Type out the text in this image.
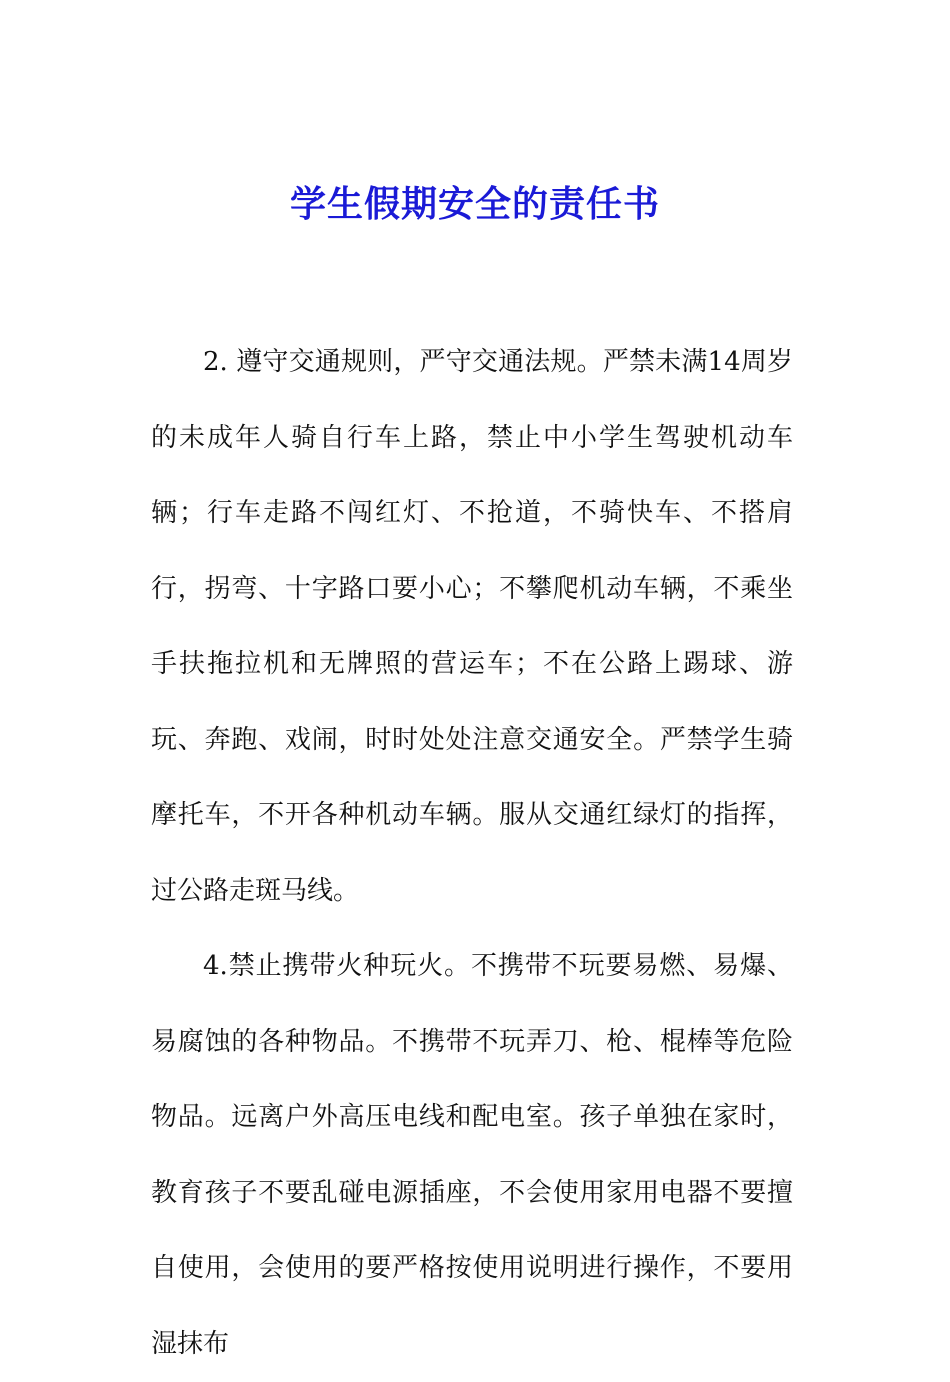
学生假期安全的责任书

2. 遵守交通规则，严守交通法规。严禁未满14周岁的未成年人骑自行车上路，禁止中小学生驾驶机动车辆；行车走路不闯红灯、不抢道，不骑快车、不搭肩行，拐弯、十字路口要小心；不攀爬机动车辆，不乘坐手扶拖拉机和无牌照的营运车；不在公路上踢球、游玩、奔跑、戏闹，时时处处注意交通安全。严禁学生骑摩托车，不开各种机动车辆。服从交通红绿灯的指挥，过公路走斑马线。

4.禁止携带火种玩火。不携带不玩要易燃、易爆、易腐蚀的各种物品。不携带不玩弄刀、枪、棍棒等危险物品。远离户外高压电线和配电室。孩子单独在家时，教育孩子不要乱碰电源插座，不会使用家用电器不要擅自使用，会使用的要严格按使用说明进行操作，不要用湿抹布
